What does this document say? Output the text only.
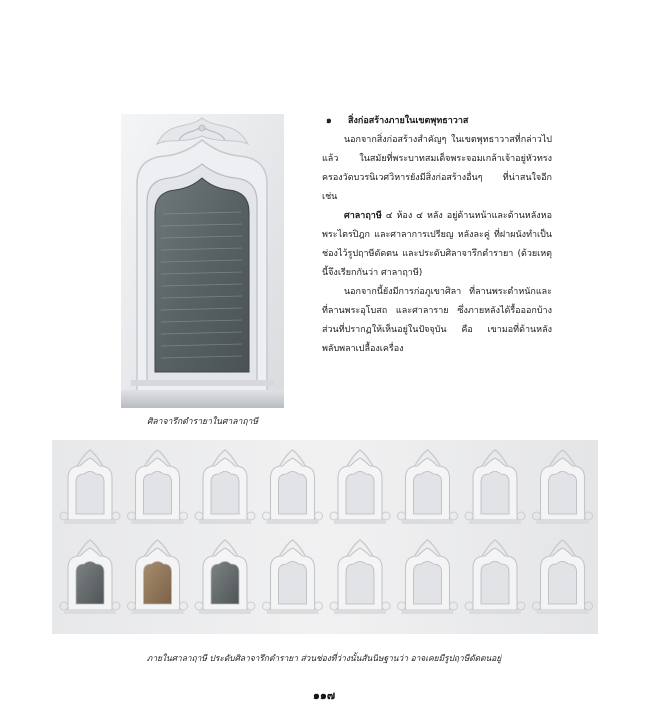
ศิลาจารึกตำรายาในศาลาฤาษี
๑	สิ่งก่อสร้างภายในเขตพุทธาวาส

นอกจากสิ่งก่อสร้างสำคัญๆ ในเขตพุทธาวาสที่กล่าวไปแล้ว ในสมัยที่พระบาทสมเด็จพระจอมเกล้าเจ้าอยู่หัวทรงครองวัดบวรนิเวศวิหารยังมีสิ่งก่อสร้างอื่นๆ ที่น่าสนใจอีก เช่น

ศาลาฤาษี ๔ ห้อง ๔ หลัง อยู่ด้านหน้าและด้านหลังหอพระไตรปิฎก และศาลาการเปรียญ หลังละคู่ ที่ฝาผนังทำเป็นช่องไว้รูปฤาษีดัดตน และประดับศิลาจารึกตำรายา (ด้วยเหตุนี้จึงเรียกกันว่า ศาลาฤาษี)

นอกจากนี้ยังมีการก่อภูเขาศิลา ที่ลานพระตำหนักและที่ลานพระอุโบสถ และศาลาราย ซึ่งภายหลังได้รื้อออกบ้าง ส่วนที่ปรากฏให้เห็นอยู่ในปัจจุบัน คือ เขามอที่ด้านหลังพลับพลาเปลื้องเครื่อง

ภายในศาลาฤาษี ประดับศิลาจารึกตำรายา ส่วนช่องที่ว่างนั้นสันนิษฐานว่า อาจเคยมีรูปฤาษีดัดตนอยู่
๑๑๗
